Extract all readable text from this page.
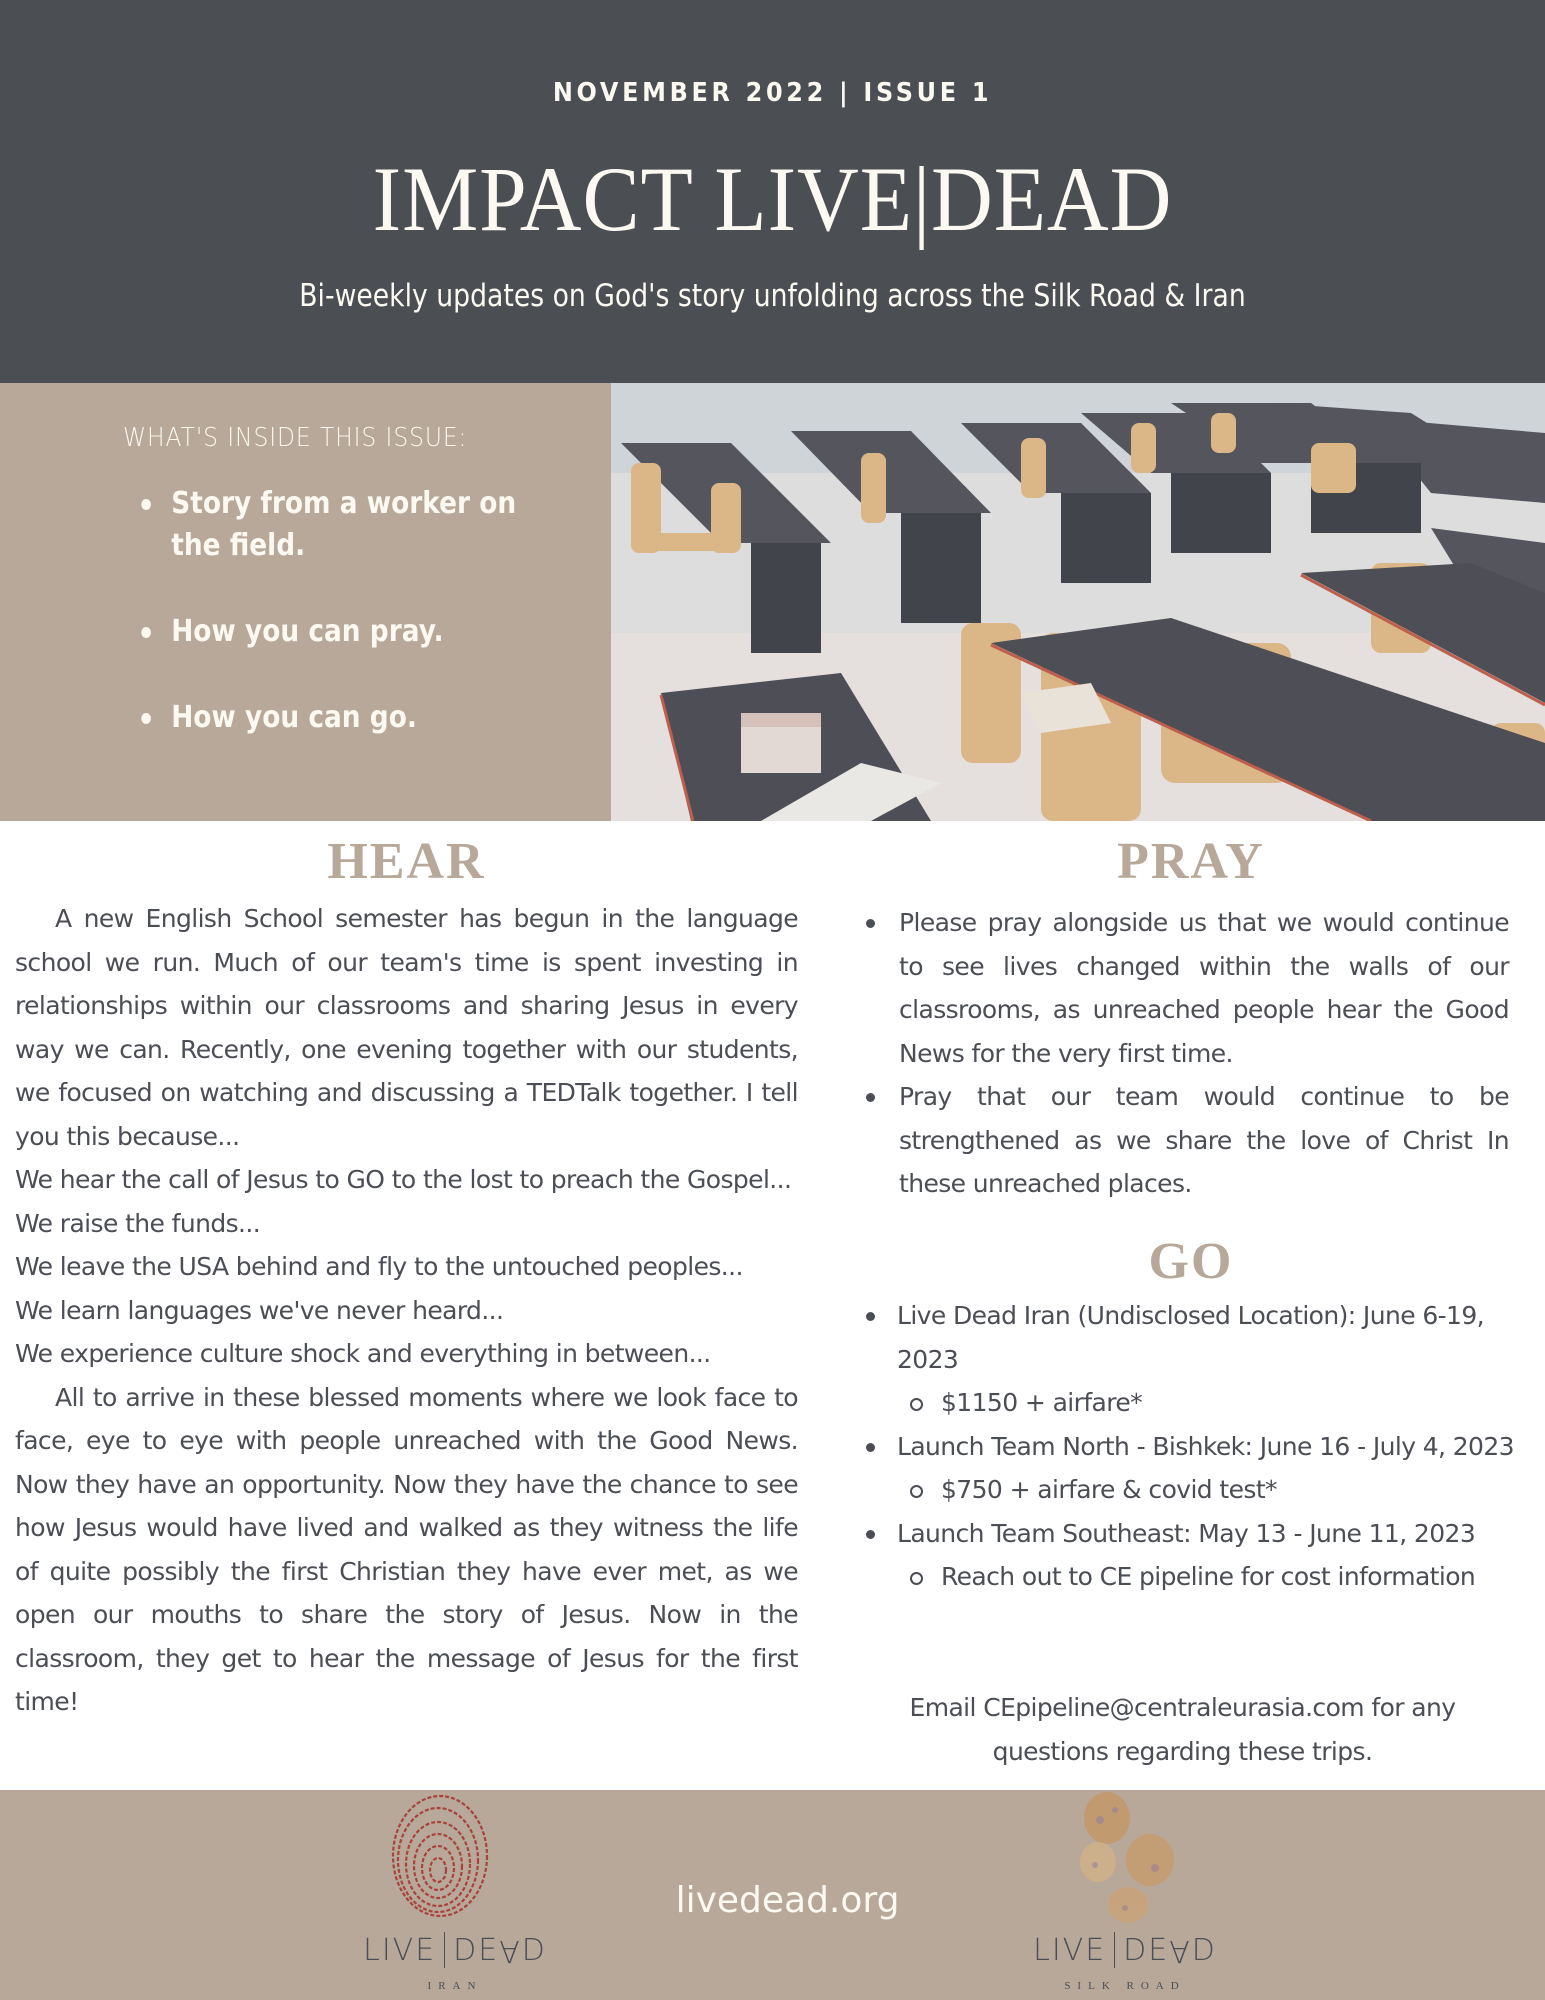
NOVEMBER 2022 | ISSUE 1
IMPACT LIVE|DEAD
Bi-weekly updates on God's story unfolding across the Silk Road & Iran
WHAT'S INSIDE THIS ISSUE:
Story from a worker on the field.
How you can pray.
How you can go.
HEAR

A new English School semester has begun in the language school we run. Much of our team's time is spent investing in relationships within our classrooms and sharing Jesus in every way we can. Recently, one evening together with our students, we focused on watching and discussing a TEDTalk together. I tell you this because...

We hear the call of Jesus to GO to the lost to preach the Gospel...

We raise the funds...

We leave the USA behind and fly to the untouched peoples...

We learn languages we've never heard...

We experience culture shock and everything in between...

All to arrive in these blessed moments where we look face to face, eye to eye with people unreached with the Good News. Now they have an opportunity. Now they have the chance to see how Jesus would have lived and walked as they witness the life of quite possibly the first Christian they have ever met, as we open our mouths to share the story of Jesus. Now in the classroom, they get to hear the message of Jesus for the first time!

PRAY
Please pray alongside us that we would continue to see lives changed within the walls of our classrooms, as unreached people hear the Good News for the very first time.
Pray that our team would continue to be strengthened as we share the love of Christ In these unreached places.
GO
Live Dead Iran (Undisclosed Location): June 6-19, 2023
$1150 + airfare*
Launch Team North - Bishkek: June 16 - July 4, 2023
$750 + airfare & covid test*
Launch Team Southeast: May 13 - June 11, 2023
Reach out to CE pipeline for cost information

Email CEpipeline@centraleurasia.com for any questions regarding these trips.

LIVE DEAD
IRAN
livedead.org
LIVE DEAD
SILK ROAD
